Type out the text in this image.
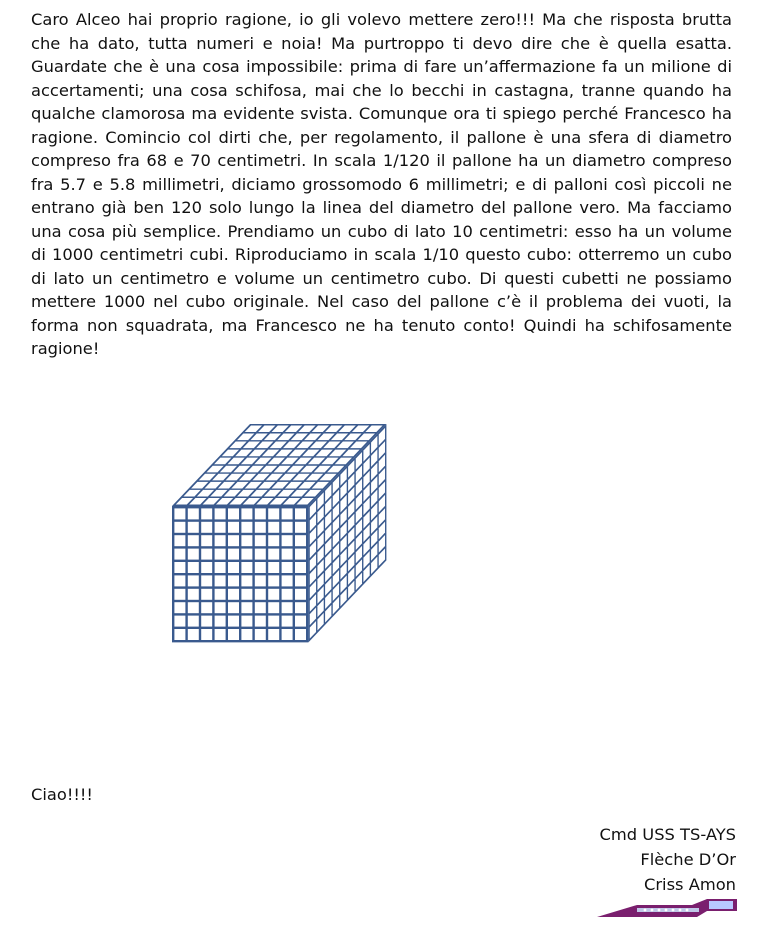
Caro Alceo hai proprio ragione, io gli volevo mettere zero!!! Ma che risposta brutta che ha dato, tutta numeri e noia! Ma purtroppo ti devo dire che è quella esatta. Guardate che è una cosa impossibile: prima di fare un’affermazione fa un milione di accertamenti; una cosa schifosa, mai che lo becchi in castagna, tranne quando ha qualche clamorosa ma evidente svista. Comunque ora ti spiego perché Francesco ha ragione. Comincio col dirti che, per regolamento, il pallone è una sfera di diametro compreso fra 68 e 70 centimetri. In scala 1/120 il pallone ha un diametro compreso fra 5.7 e 5.8 millimetri, diciamo grossomodo 6 millimetri; e di palloni così piccoli ne entrano già ben 120 solo lungo la linea del diametro del pallone vero. Ma facciamo una cosa più semplice. Prendiamo un cubo di lato 10 centimetri: esso ha un volume di 1000 centimetri cubi. Riproduciamo in scala 1/10 questo cubo: otterremo un cubo di lato un centimetro e volume un centimetro cubo. Di questi cubetti ne possiamo mettere 1000 nel cubo originale. Nel caso del pallone c’è il problema dei vuoti, la forma non squadrata, ma Francesco ne ha tenuto conto! Quindi ha schifosamente ragione!
Ciao!!!!
Cmd USS TS-AYS
Flèche D’Or
Criss Amon
